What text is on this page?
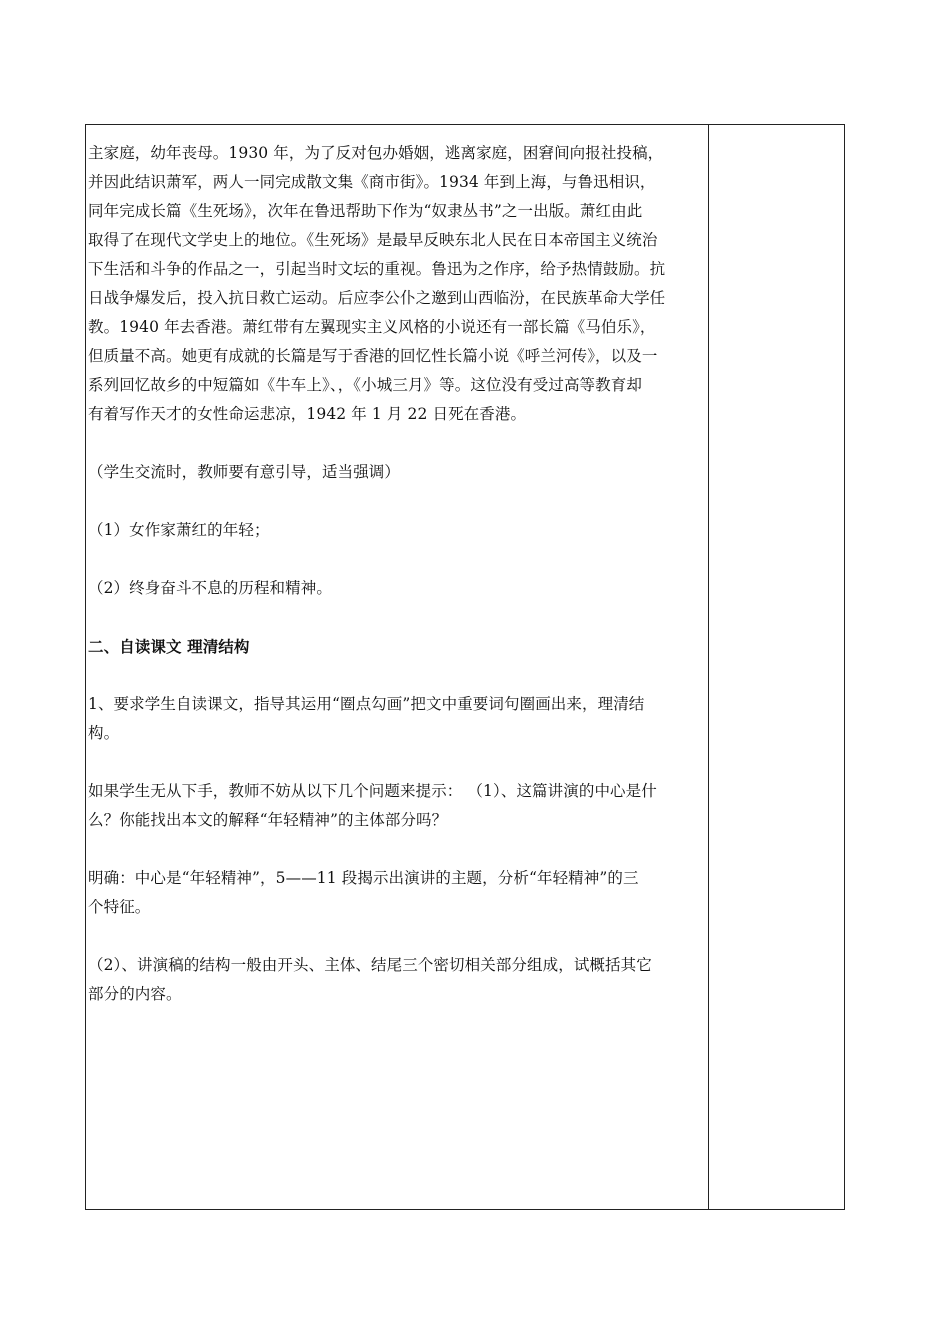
主家庭，幼年丧母。1930 年，为了反对包办婚姻，逃离家庭，困窘间向报社投稿，
并因此结识萧军，两人一同完成散文集《商市街》。1934 年到上海，与鲁迅相识，
同年完成长篇《生死场》，次年在鲁迅帮助下作为“奴隶丛书”之一出版。萧红由此
取得了在现代文学史上的地位。《生死场》是最早反映东北人民在日本帝国主义统治
下生活和斗争的作品之一，引起当时文坛的重视。鲁迅为之作序，给予热情鼓励。抗
日战争爆发后，投入抗日救亡运动。后应李公仆之邀到山西临汾，在民族革命大学任
教。1940 年去香港。萧红带有左翼现实主义风格的小说还有一部长篇《马伯乐》，
但质量不高。她更有成就的长篇是写于香港的回忆性长篇小说《呼兰河传》，以及一
系列回忆故乡的中短篇如《牛车上》、，《小城三月》等。这位没有受过高等教育却
有着写作天才的女性命运悲凉，1942 年 1 月 22 日死在香港。

（学生交流时，教师要有意引导，适当强调）

（1）女作家萧红的年轻；

（2）终身奋斗不息的历程和精神。

二、自读课文 理清结构

1、要求学生自读课文，指导其运用“圈点勾画”把文中重要词句圈画出来，理清结
构。

如果学生无从下手，教师不妨从以下几个问题来提示： （1）、这篇讲演的中心是什
么？你能找出本文的解释“年轻精神”的主体部分吗？

明确：中心是“年轻精神”，5——11 段揭示出演讲的主题，分析“年轻精神”的三
个特征。

（2）、讲演稿的结构一般由开头、主体、结尾三个密切相关部分组成，试概括其它
部分的内容。
